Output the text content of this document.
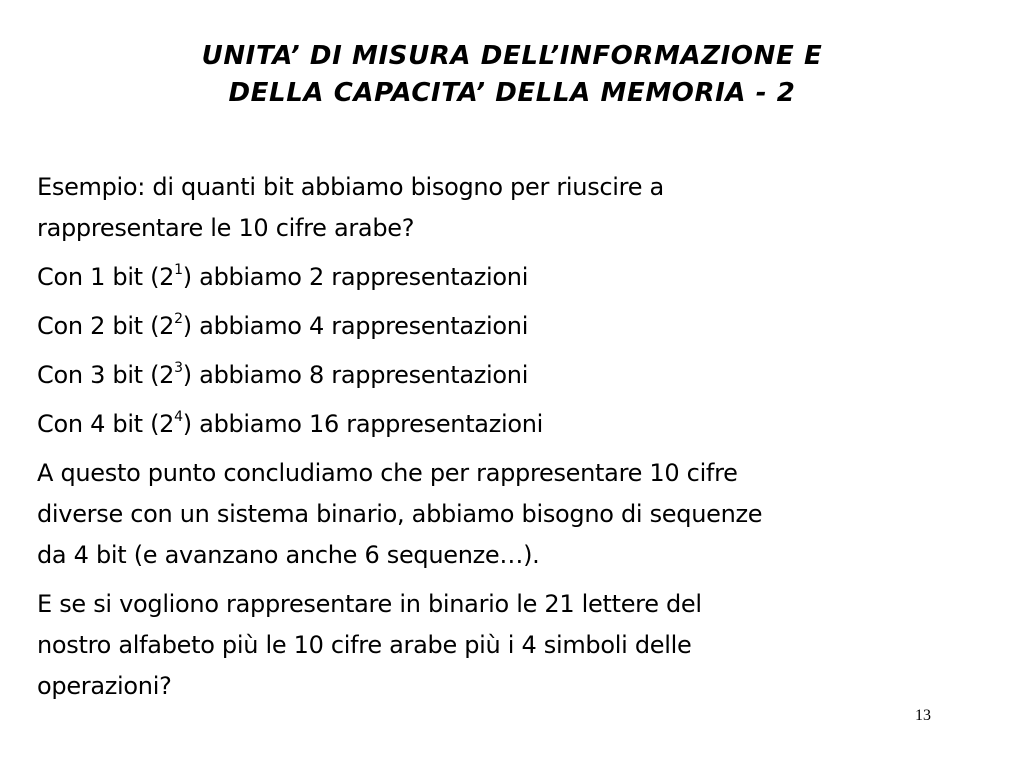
UNITA’ DI MISURA DELL’INFORMAZIONE E
DELLA CAPACITA’ DELLA MEMORIA - 2
Esempio: di quanti bit abbiamo bisogno per riuscire a
rappresentare le 10 cifre arabe?
Con 1 bit $(2^1)$ abbiamo 2 rappresentazioni
Con 2 bit $(2^2)$ abbiamo 4 rappresentazioni
Con 3 bit $(2^3)$ abbiamo 8 rappresentazioni
Con 4 bit $(2^4)$ abbiamo 16 rappresentazioni
A questo punto concludiamo che per rappresentare 10 cifre
diverse con un sistema binario, abbiamo bisogno di sequenze
da 4 bit (e avanzano anche 6 sequenze…).
E se si vogliono rappresentare in binario le 21 lettere del
nostro alfabeto più le 10 cifre arabe più i 4 simboli delle
operazioni?
13
